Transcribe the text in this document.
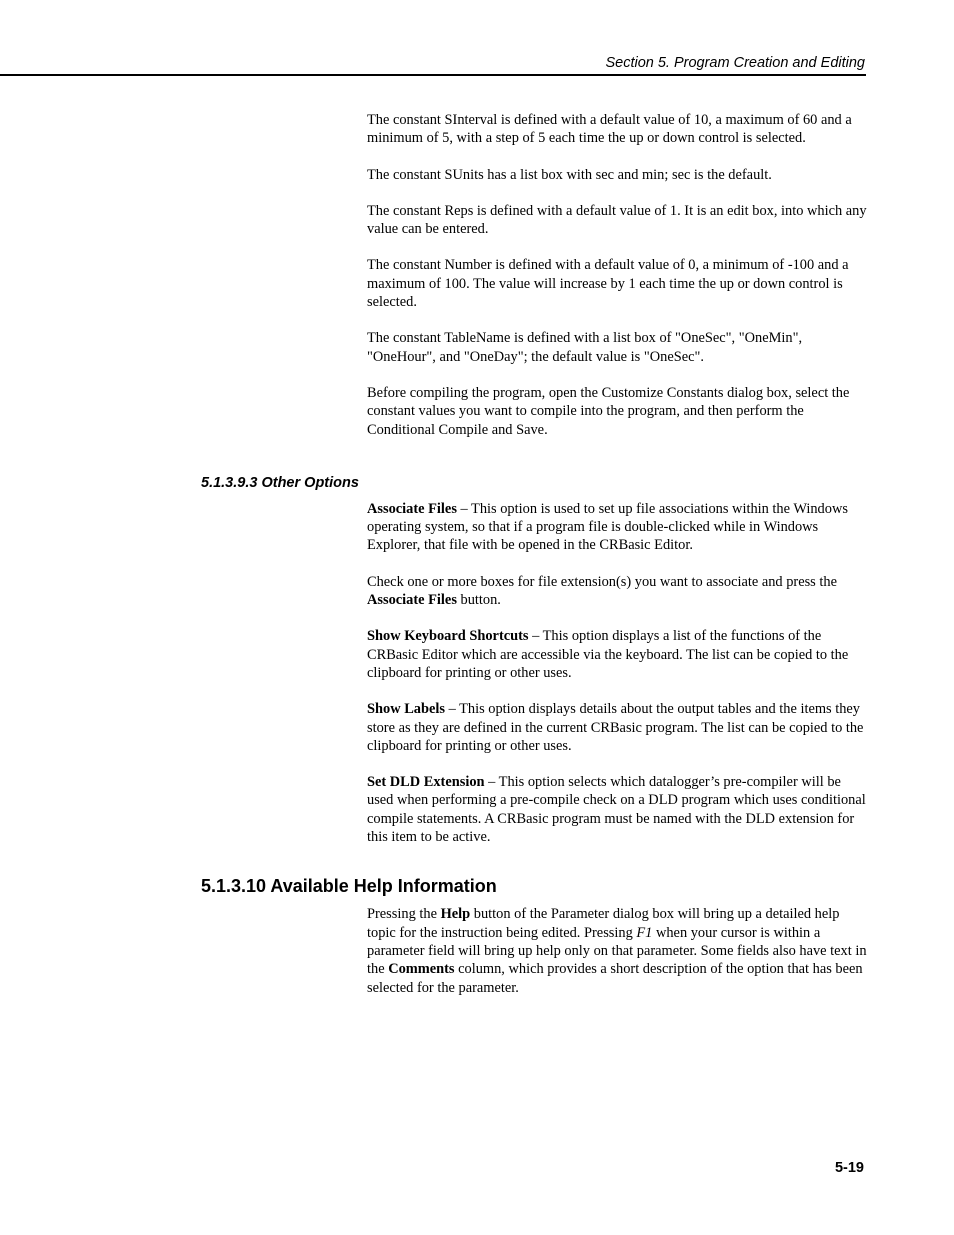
Section 5. Program Creation and Editing

The constant SInterval is defined with a default value of 10, a maximum of 60 and a minimum of 5, with a step of 5 each time the up or down control is selected.

The constant SUnits has a list box with sec and min; sec is the default.

The constant Reps is defined with a default value of 1. It is an edit box, into which any value can be entered.

The constant Number is defined with a default value of 0, a minimum of -100 and a maximum of 100. The value will increase by 1 each time the up or down control is selected.

The constant TableName is defined with a list box of "OneSec", "OneMin", "OneHour", and "OneDay"; the default value is "OneSec".

Before compiling the program, open the Customize Constants dialog box, select the constant values you want to compile into the program, and then perform the Conditional Compile and Save.

5.1.3.9.3 Other Options

Associate Files – This option is used to set up file associations within the Windows operating system, so that if a program file is double-clicked while in Windows Explorer, that file with be opened in the CRBasic Editor.

Check one or more boxes for file extension(s) you want to associate and press the Associate Files button.

Show Keyboard Shortcuts – This option displays a list of the functions of the CRBasic Editor which are accessible via the keyboard. The list can be copied to the clipboard for printing or other uses.

Show Labels – This option displays details about the output tables and the items they store as they are defined in the current CRBasic program. The list can be copied to the clipboard for printing or other uses.

Set DLD Extension – This option selects which datalogger’s pre-compiler will be used when performing a pre-compile check on a DLD program which uses conditional compile statements. A CRBasic program must be named with the DLD extension for this item to be active.

5.1.3.10 Available Help Information

Pressing the Help button of the Parameter dialog box will bring up a detailed help topic for the instruction being edited. Pressing F1 when your cursor is within a parameter field will bring up help only on that parameter. Some fields also have text in the Comments column, which provides a short description of the option that has been selected for the parameter.

5-19
